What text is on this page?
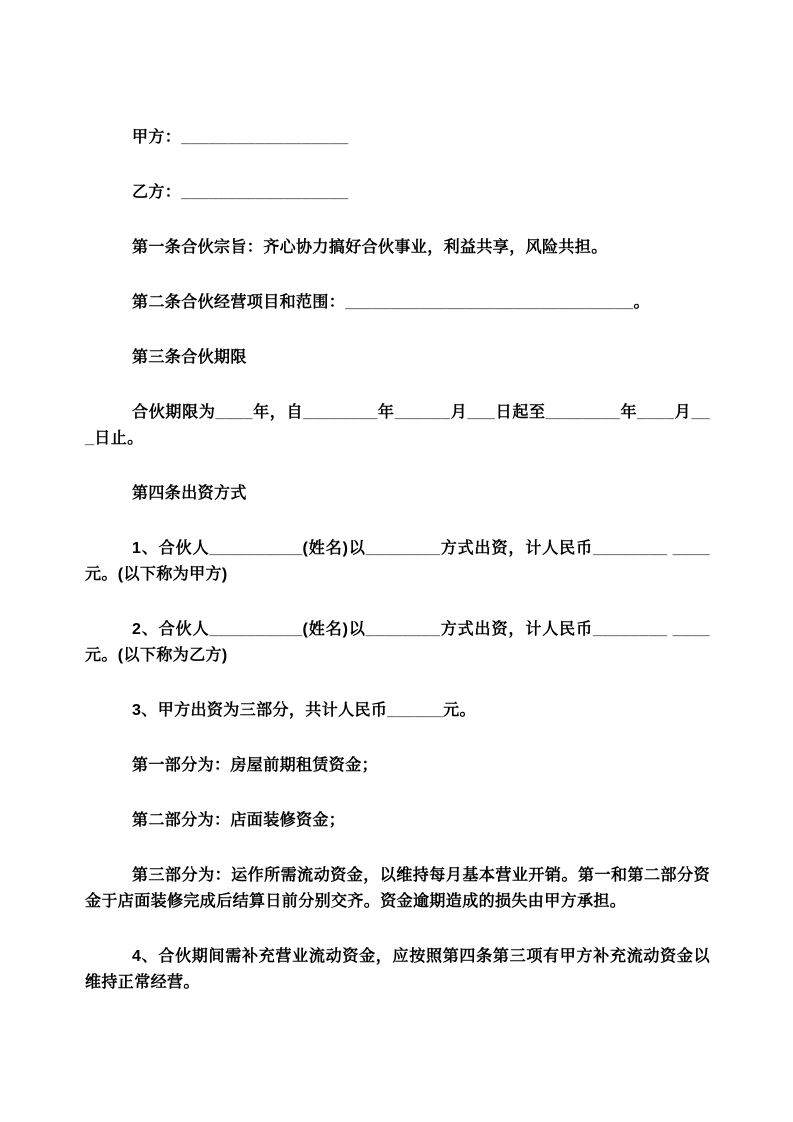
甲方：__________________

乙方：__________________

第一条合伙宗旨：齐心协力搞好合伙事业，利益共享，风险共担。

第二条合伙经营项目和范围：_______________________________。

第三条合伙期限

合伙期限为____年，自________年______月___日起至________年____月___日止。

第四条出资方式

1、合伙人__________(姓名)以________方式出资，计人民币________ ____元。(以下称为甲方)

2、合伙人__________(姓名)以________方式出资，计人民币________ ____元。(以下称为乙方)

3、甲方出资为三部分，共计人民币______元。

第一部分为：房屋前期租赁资金；

第二部分为：店面装修资金；

第三部分为：运作所需流动资金，以维持每月基本营业开销。第一和第二部分资金于店面装修完成后结算日前分别交齐。资金逾期造成的损失由甲方承担。

4、合伙期间需补充营业流动资金，应按照第四条第三项有甲方补充流动资金以维持正常经营。
